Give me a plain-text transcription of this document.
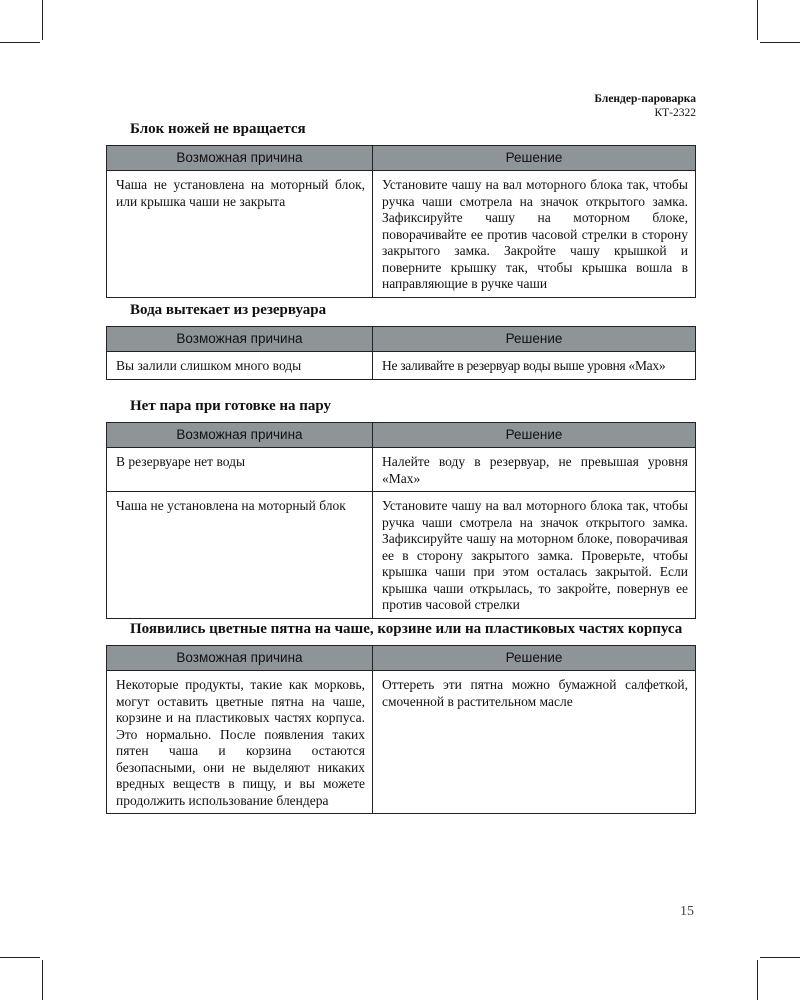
Блендер-пароварка
КТ-2322
Блок ножей не вращается
Возможная причина	Решение
Чаша не установлена на моторный блок, или крышка чаши не закрыта	Установите чашу на вал моторного блока так, чтобы ручка чаши смотрела на значок открытого замка. Зафиксируйте чашу на моторном блоке, поворачивайте ее против часовой стрелки в сторону закрытого замка. Закройте чашу крышкой и поверните крышку так, чтобы крышка вошла в направляющие в ручке чаши
Вода вытекает из резервуара
Возможная причина	Решение
Вы залили слишком много воды	Не заливайте в резервуар воды выше уровня «Max»
Нет пара при готовке на пару
Возможная причина	Решение
В резервуаре нет воды	Налейте воду в резервуар, не превышая уровня «Max»
Чаша не установлена на моторный блок	Установите чашу на вал моторного блока так, чтобы ручка чаши смотрела на значок открытого замка. Зафиксируйте чашу на моторном блоке, поворачивая ее в сторону закрытого замка. Проверьте, чтобы крышка чаши при этом осталась закрытой. Если крышка чаши открылась, то закройте, повернув ее против часовой стрелки
Появились цветные пятна на чаше, корзине или на пластиковых частях корпуса
Возможная причина	Решение
Некоторые продукты, такие как морковь, могут оставить цветные пятна на чаше, корзине и на пластиковых частях корпуса. Это нормально. После появления таких пятен чаша и корзина остаются безопасными, они не выделяют никаких вредных веществ в пищу, и вы можете продолжить использование блендера	Оттереть эти пятна можно бумажной салфеткой, смоченной в растительном масле
15
